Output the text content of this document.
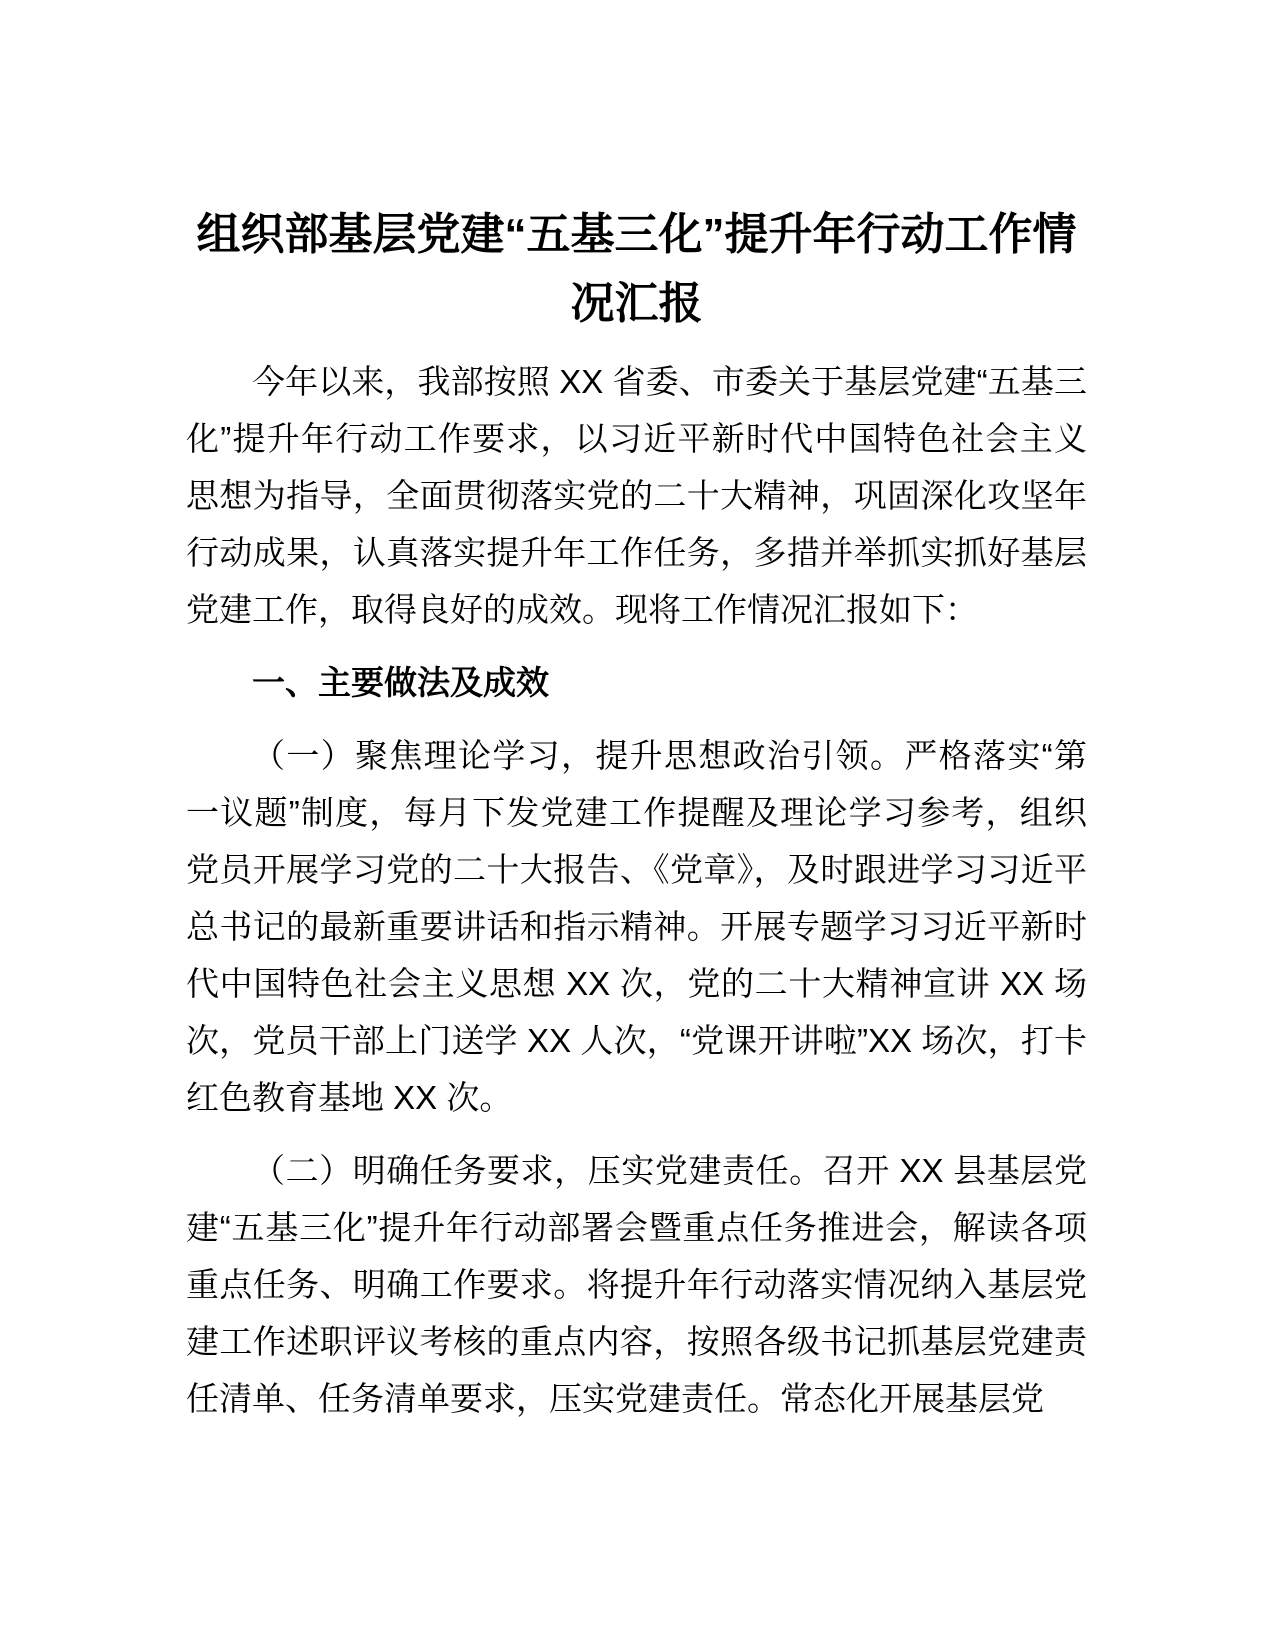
组织部基层党建“五基三化”提升年行动工作情况汇报

今年以来，我部按照 XX 省委、市委关于基层党建“五基三化”提升年行动工作要求，以习近平新时代中国特色社会主义思想为指导，全面贯彻落实党的二十大精神，巩固深化攻坚年行动成果，认真落实提升年工作任务，多措并举抓实抓好基层党建工作，取得良好的成效。现将工作情况汇报如下：

一、主要做法及成效

（一）聚焦理论学习，提升思想政治引领。严格落实“第一议题”制度，每月下发党建工作提醒及理论学习参考，组织党员开展学习党的二十大报告、《党章》，及时跟进学习习近平总书记的最新重要讲话和指示精神。开展专题学习习近平新时代中国特色社会主义思想 XX 次，党的二十大精神宣讲 XX 场次，党员干部上门送学 XX 人次，“党课开讲啦”XX 场次，打卡红色教育基地 XX 次。

（二）明确任务要求，压实党建责任。召开 XX 县基层党建“五基三化”提升年行动部署会暨重点任务推进会，解读各项重点任务、明确工作要求。将提升年行动落实情况纳入基层党建工作述职评议考核的重点内容，按照各级书记抓基层党建责任清单、任务清单要求，压实党建责任。常态化开展基层党
